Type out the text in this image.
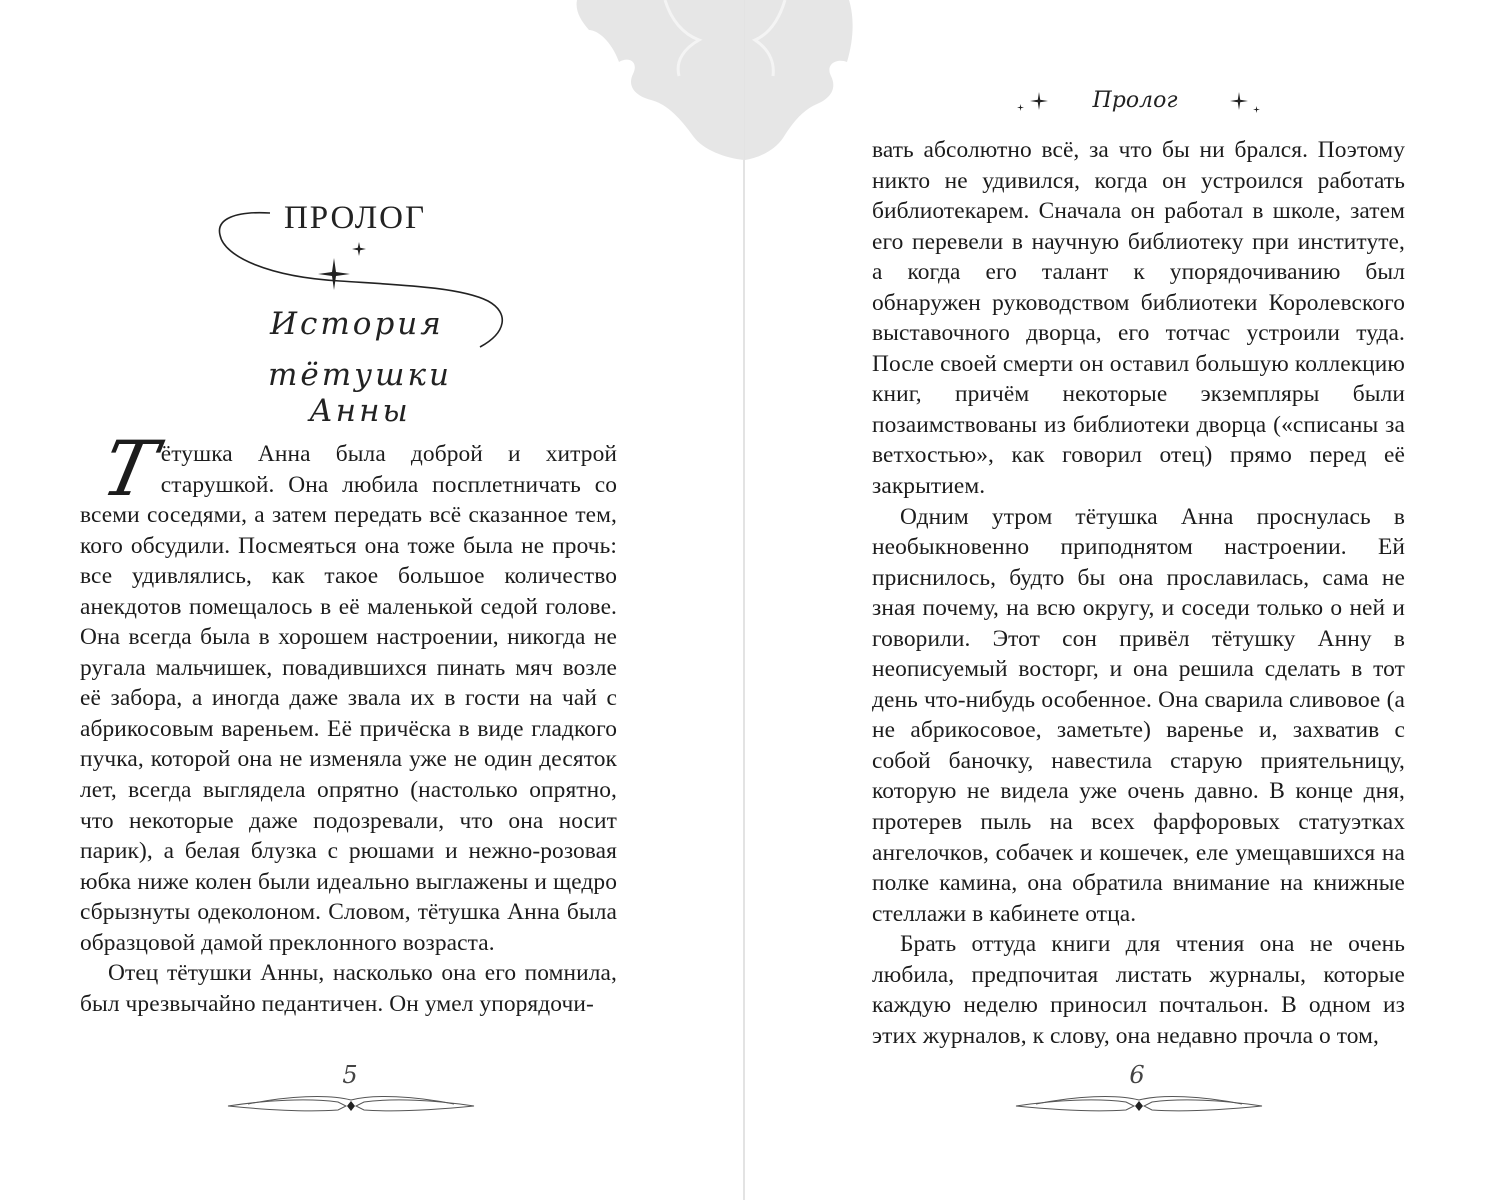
ПРОЛОГ
История
тётушки Анны

Т
ётушка Анна была доброй и хитрой старушкой. Она любила посплетничать со всеми соседями, а затем передать всё сказанное тем, кого обсудили. Посмеяться она тоже была не прочь: все удивлялись, как такое большое количество анекдотов помещалось в её маленькой седой голове. Она всегда была в хорошем настроении, никогда не ругала мальчишек, повадившихся пинать мяч возле её забора, а иногда даже звала их в гости на чай с абрикосовым вареньем. Её причёска в виде гладкого пучка, которой она не изменяла уже не один десяток лет, всегда выглядела опрятно (настолько опрятно, что некоторые даже подозревали, что она носит парик), а белая блузка с рюшами и нежно-розовая юбка ниже колен были идеально выглажены и щедро сбрызнуты одеколоном. Словом, тётушка Анна была образцовой дамой преклонного возраста.

Отец тётушки Анны, насколько она его помнила, был чрезвычайно педантичен. Он умел упорядочи-

Пролог

вать абсолютно всё, за что бы ни брался. Поэтому никто не удивился, когда он устроился работать библиотекарем. Сначала он работал в школе, затем его перевели в научную библиотеку при институте, а когда его талант к упорядочиванию был обнаружен руководством библиотеки Королевского выставочного дворца, его тотчас устроили туда. После своей смерти он оставил большую коллекцию книг, причём некоторые экземпляры были позаимствованы из библиотеки дворца («списаны за ветхостью», как говорил отец) прямо перед её закрытием.

Одним утром тётушка Анна проснулась в необыкновенно приподнятом настроении. Ей приснилось, будто бы она прославилась, сама не зная почему, на всю округу, и соседи только о ней и говорили. Этот сон привёл тётушку Анну в неописуемый восторг, и она решила сделать в тот день что-нибудь особенное. Она сварила сливовое (а не абрикосовое, заметьте) варенье и, захватив с собой баночку, навестила старую приятельницу, которую не видела уже очень давно. В конце дня, протерев пыль на всех фарфоровых статуэтках ангелочков, собачек и кошечек, еле умещавшихся на полке камина, она обратила внимание на книжные стеллажи в кабинете отца.

Брать оттуда книги для чтения она не очень любила, предпочитая листать журналы, которые каждую неделю приносил почтальон. В одном из этих журналов, к слову, она недавно прочла о том,

5	6
